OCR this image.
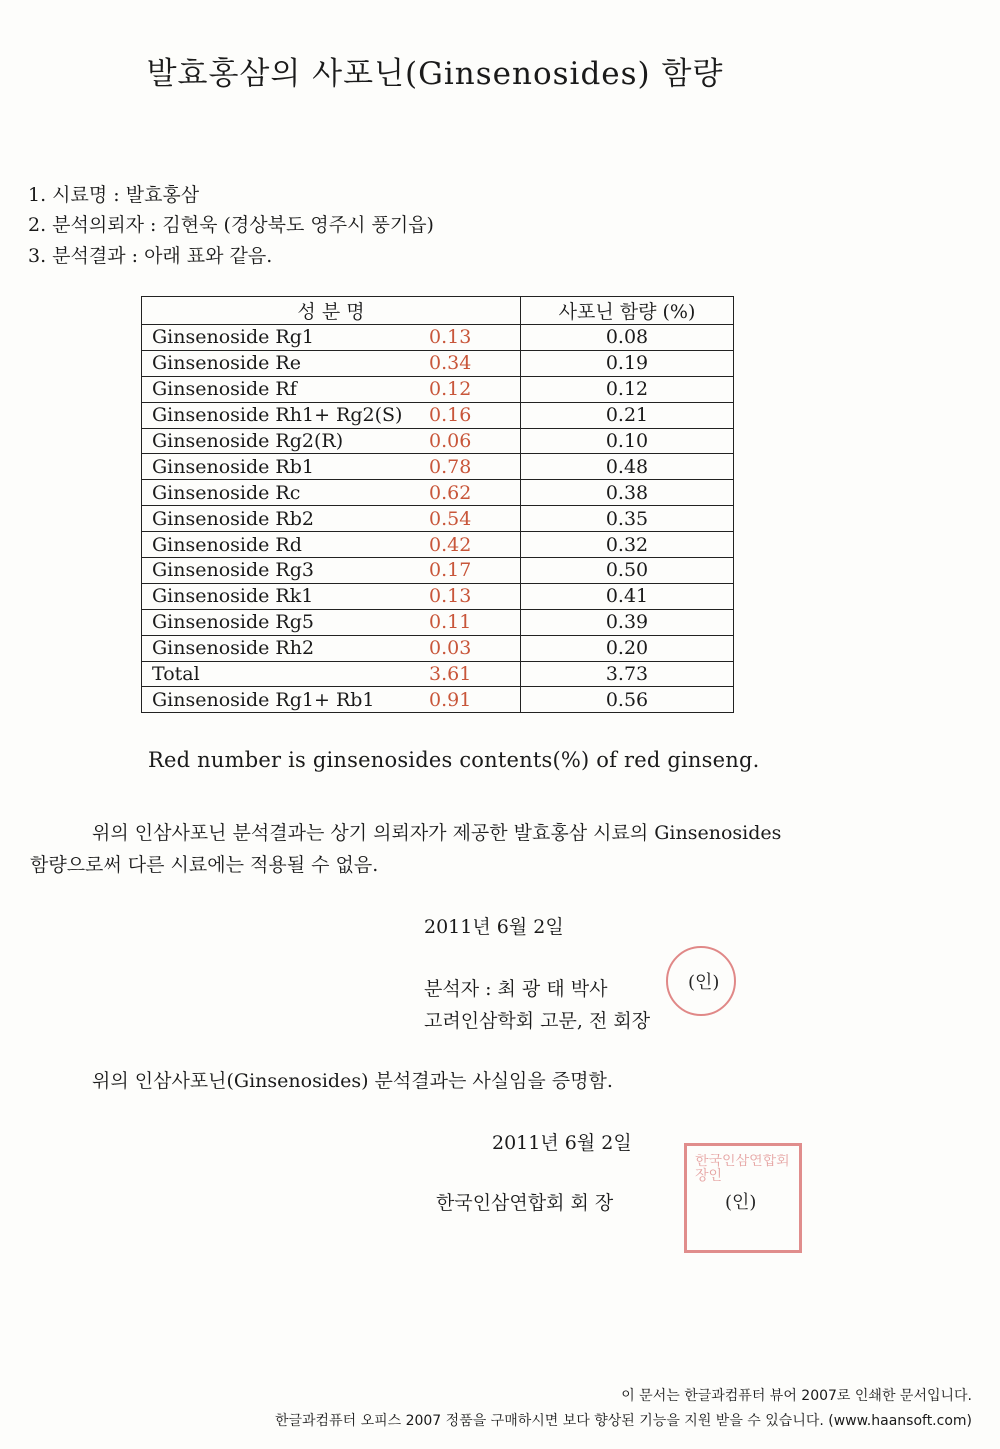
발효홍삼의 사포닌(Ginsenosides) 함량
1. 시료명 : 발효홍삼
2. 분석의뢰자 : 김현욱 (경상북도 영주시 풍기읍)
3. 분석결과 : 아래 표와 같음.
성 분 명	사포닌 함량 (%)
Ginsenoside Rg1 0.13	0.08
Ginsenoside Re 0.34	0.19
Ginsenoside Rf 0.12	0.12
Ginsenoside Rh1+ Rg2(S) 0.16	0.21
Ginsenoside Rg2(R) 0.06	0.10
Ginsenoside Rb1 0.78	0.48
Ginsenoside Rc 0.62	0.38
Ginsenoside Rb2 0.54	0.35
Ginsenoside Rd 0.42	0.32
Ginsenoside Rg3 0.17	0.50
Ginsenoside Rk1 0.13	0.41
Ginsenoside Rg5 0.11	0.39
Ginsenoside Rh2 0.03	0.20
Total 3.61	3.73
Ginsenoside Rg1+ Rb1 0.91	0.56
Red number is ginsenosides contents(%) of red ginseng.
위의 인삼사포닌 분석결과는 상기 의뢰자가 제공한 발효홍삼 시료의 Ginsenosides
함량으로써 다른 시료에는 적용될 수 없음.
2011년 6월 2일
분석자 : 최 광 태 박사
고려인삼학회 고문, 전 회장
(인)
위의 인삼사포닌(Ginsenosides) 분석결과는 사실임을 증명함.
2011년 6월 2일
한국인삼연합회 회 장
한국인삼연합회장인
(인)
이 문서는 한글과컴퓨터 뷰어 2007로 인쇄한 문서입니다.
한글과컴퓨터 오피스 2007 정품을 구매하시면 보다 향상된 기능을 지원 받을 수 있습니다. (www.haansoft.com)
